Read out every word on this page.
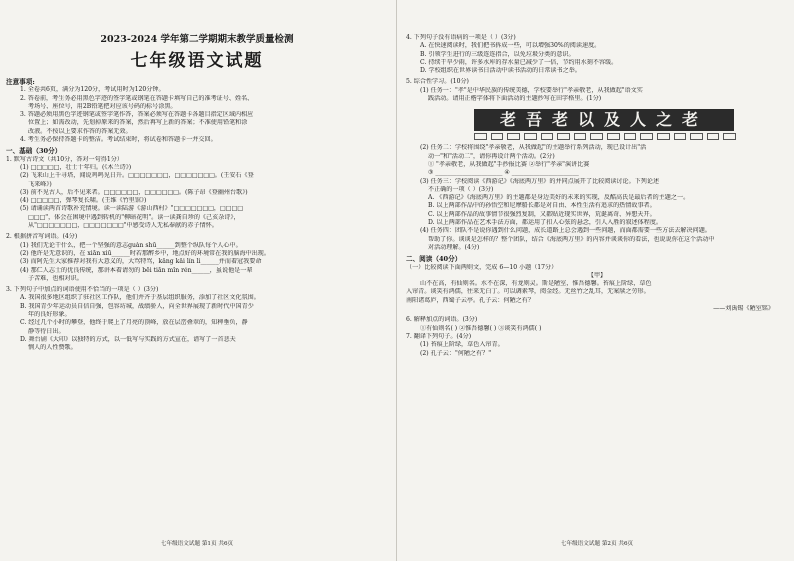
2023-2024 学年第二学期期末教学质量检测
七年级语文试题
注意事项:
1. 全卷共6页，满分为120分，考试用时为120分钟。
2. 答卷前，考生务必用黑色字迹的签字笔或钢笔在答题卡填写自己的准考证号、姓名、
考场号、座位号，用2B铅笔把对应该号码的标号涂黑。
3. 答题必须用黑色字迹钢笔或签字笔作答，答案必须写在答题卡各题目指定区域内相应
位置上；如需改动，先划掉原来的答案，然后再写上新的答案；不准使用铅笔和涂
改液。不按以上要求作答的答案无效。
4. 考生务必保持答题卡的整洁。考试结束时，将试卷和答题卡一并交回。
一、基础（30分）
1. 默写古诗文（共10分，答对一句得1分）
(1) □□□□□，壮士十年归。(《木兰诗》)
(2) 飞来山上千寻塔，闻说鸡鸣见日升。□□□□□□□，□□□□□□□。(王安石《登
飞来峰》)
(3) 前不见古人，后不见来者。□□□□□□，□□□□□□。(陈子昂《登幽州台歌》)
(4) □□□□□，弹琴复长啸。(王维《竹里馆》)
(5) 请诵读两首诗歌补充情境。读一读陆游《游山西村》"□□□□□□□，□□□□
□□□"，体会在困境中遇到转机的"柳暗花明"。读一读龚自珍的《己亥杂诗》，
从"□□□□□□□，□□□□□□□"中感受诗人无私奉献的赤子情怀。
2. 根据拼音写词语。(4分)
(1) 我们无论干什么，把一个坚强的意志guàn shū______到整个纵队每个人心中。
(2) 他许是无意识的，在 xiān xiū______时若那醉乡中，地点好的环境常在我的脑海中出现。
(3) 而阿先生大家推荐对我有大意义的，大骂特骂，kǎng kǎi lín lì______并而着冠我要命
(4) 那仁人志士的优良传统，那讲本着请勿的 bēi tiān mǐn rén______，虽说他是一辈
子苦难，也相对识。
3. 下列句子中加点的词语使用不恰当的一项是（ ）(3分)
A. 我国很多地区组织了驻社区工作队，他们并齐于基层组织服务，添加了社区文化氛围。
B. 我国青少年运动员自信自强，包容坊城，战绩骄人，向全世界展现了新时代中国青少
年的良好形象。
C. 经过几个小时的攀登，他终于爬上了月亮的顶峰，放在层峦叠翠的，知稗垂负，静
静等待日出。
D. 舞台剧《大印》以独特的方式，以一低写与实践的方式宣在，谱写了一首悲天
悯人的人性赞歌。
七年级语文试题 第1页 共6页
4. 下列句子没有语病的一项是（ ）(3分)
A. 在快速阅读时，我们把书拆成一些，可以增强30%的阅读速度。
B. 引领学生进行的三级连连指合，以免垃圾分类的意识。
C. 持续干旱少雨，许多水库的存水量已减少了一倍，节约用水刻不容缓。
D. 学校组织在世界读书日活动中读书活动的日常读书之举。
5. 综合性学习。(10分)
(1) 任务一："孝"是中华民族的传统美德，学校要举行"孝亲敬老，从我做起"语文实
践活动。请用正楷字体将下面活动的主题抄写在田字格里。(1分)
老吾老以及人之老
(2) 任务二：学校将围绕"孝亲敬老，从我做起"的主题举行系列活动，现已设计出"活
动一"和"活动二"，请你再设计两个活动。(2分)
① "孝亲敬老，从我做起"手抄报比赛 ②举行"孝亲"演讲比赛
③ ______________________ ④ ______________________
(3) 任务三：学校阅读《西游记》《海底两万里》的并同点展开了比较阅读讨论。下列论述
不正确的一项（ ）(3分)
A. 《西游记》《海底两万里》的主题都是身边美好的未来的实现，反酷高氏是最后者的主题之一。
B. 以上两部作品中的孙悟空和尼摩船长都是对自由、本性生活有追求的热情故事者。
C. 以上两部作品的故事情节很强烈复制，又都贴近现实世界，荒诞离奇、异想天开。
D. 以上两部作品在艺术手法方面，都运用了扣人心弦的悬念，引人入胜的叙述体程度。
(4) 任务四：团队不是说你遇到什么问题，成长道路上总会遇到一些问题，而面都需要一些方法去解决问题。
帮助了你。谈谈是怎样的？整个团队，结合《海底两万里》的内容并谈谈你的看法，也说说你在这个活动中
对活动理解。(4分)
二、阅读（40分）
（一）比较阅读下面两则文，完成 6—10 小题（17分）
【甲】
山不在高，有仙则名。水不在深，有龙则灵。斯是陋室，惟吾德馨。苔痕上阶绿，草色
入帘青。谈笑有鸿儒，往来无白丁。可以调素琴，阅金经。无丝竹之乱耳，无案牍之劳形。
南阳诸葛庐，西蜀子云亭。孔子云：何陋之有？
——刘禹锡《陋室铭》
6. 解释加点的词语。(3分)
①有仙则名( ) ②惟吾德馨( ) ③谈笑有鸿儒( )
7. 翻译下列句子。(4分)
(1) 苔痕上阶绿，草色入帘青。
(2) 孔子云："何陋之有？"
七年级语文试题 第2页 共6页
